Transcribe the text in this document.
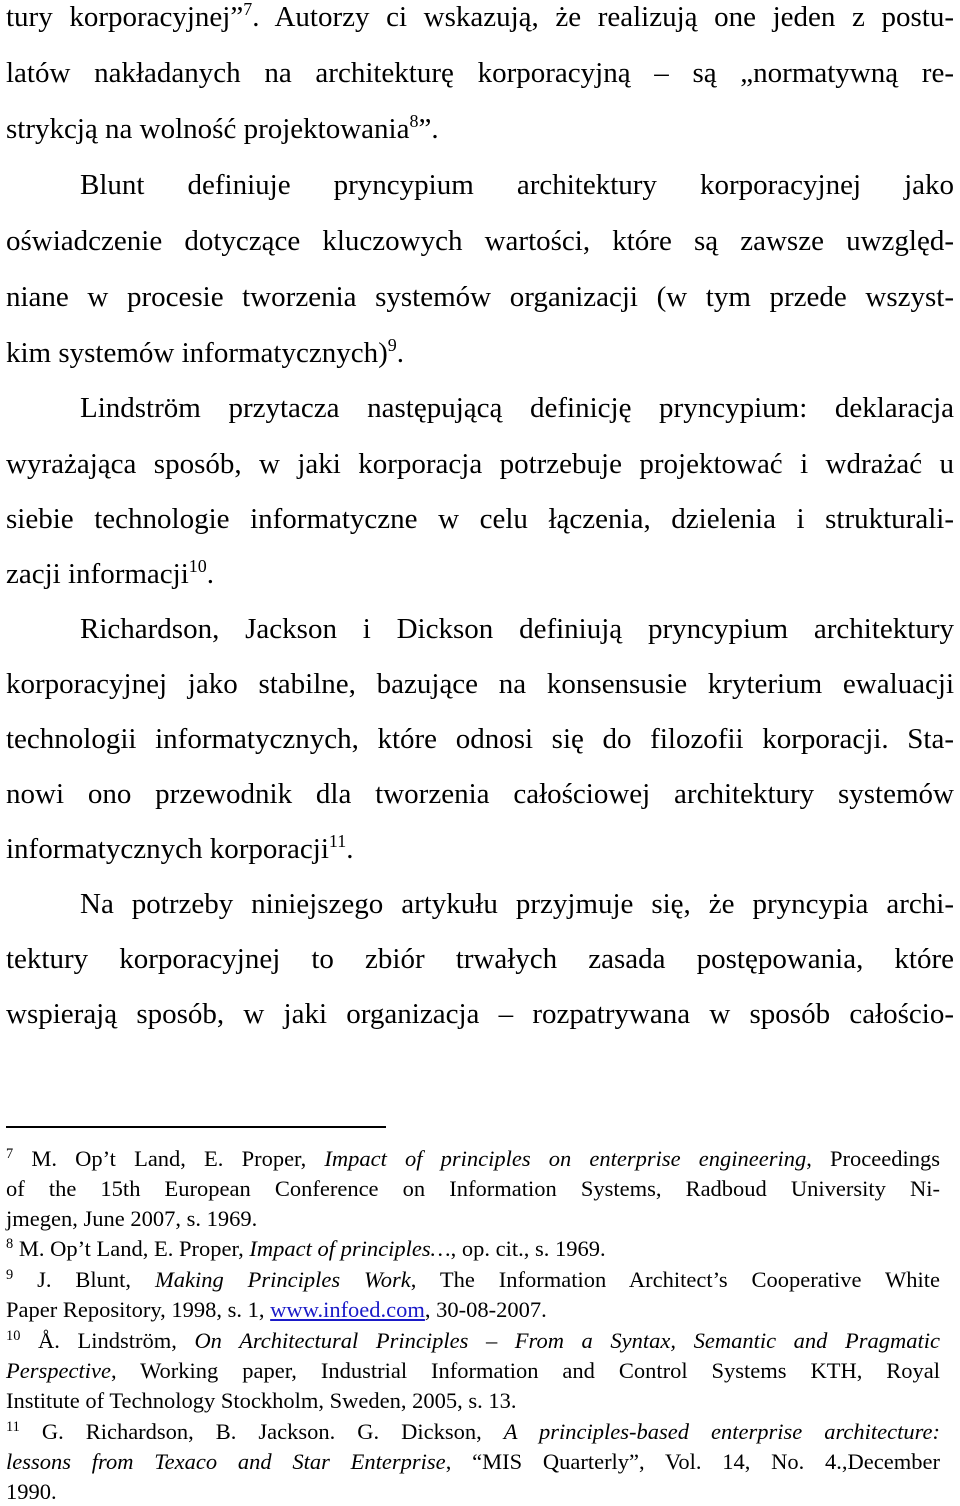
tury korporacyjnej”$^7$. Autorzy ci wskazują, że realizują one jeden z postu-
latów nakładanych na architekturę korporacyjną – są „normatywną re-
strykcją na wolność projektowania$^8$”.
Blunt definiuje pryncypium architektury korporacyjnej jako
oświadczenie dotyczące kluczowych wartości, które są zawsze uwzględ-
niane w procesie tworzenia systemów organizacji (w tym przede wszyst-
kim systemów informatycznych)$^9$.
Lindström przytacza następującą definicję pryncypium: deklaracja
wyrażająca sposób, w jaki korporacja potrzebuje projektować i wdrażać u
siebie technologie informatyczne w celu łączenia, dzielenia i strukturali-
zacji informacji$^{10}$.
Richardson, Jackson i Dickson definiują pryncypium architektury
korporacyjnej jako stabilne, bazujące na konsensusie kryterium ewaluacji
technologii informatycznych, które odnosi się do filozofii korporacji. Sta-
nowi ono przewodnik dla tworzenia całościowej architektury systemów
informatycznych korporacji$^{11}$.
Na potrzeby niniejszego artykułu przyjmuje się, że pryncypia archi-
tektury korporacyjnej to zbiór trwałych zasada postępowania, które
wspierają sposób, w jaki organizacja – rozpatrywana w sposób całościo-
$^7$ M. Op’t Land, E. Proper, Impact of principles on enterprise engineering, Proceedings
of the 15th European Conference on Information Systems, Radboud University Ni-
jmegen, June 2007, s. 1969.
$^8$ M. Op’t Land, E. Proper, Impact of principles…, op. cit., s. 1969.
$^9$ J. Blunt, Making Principles Work, The Information Architect’s Cooperative White
Paper Repository, 1998, s. 1, www.infoed.com, 30-08-2007.
$^{10}$ Å. Lindström, On Architectural Principles – From a Syntax, Semantic and Pragmatic
Perspective, Working paper, Industrial Information and Control Systems KTH, Royal
Institute of Technology Stockholm, Sweden, 2005, s. 13.
$^{11}$ G. Richardson, B. Jackson. G. Dickson, A principles-based enterprise architecture:
lessons from Texaco and Star Enterprise, “MIS Quarterly”, Vol. 14, No. 4.,December
1990.
